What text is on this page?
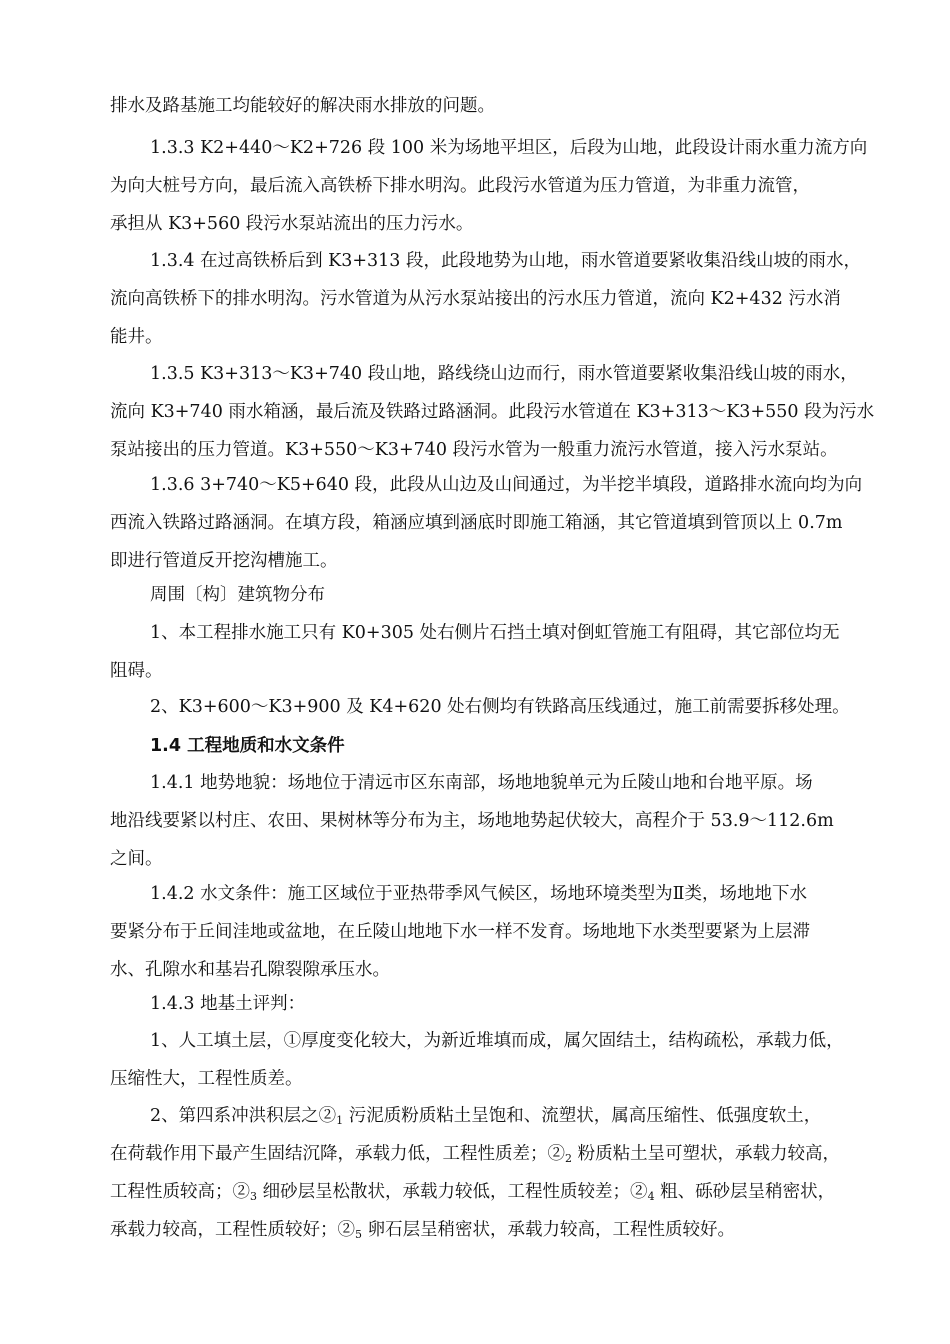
排水及路基施工均能较好的解决雨水排放的问题。

1.3.3 K2+440～K2+726 段 100 米为场地平坦区，后段为山地，此段设计雨水重力流方向
为向大桩号方向，最后流入高铁桥下排水明沟。此段污水管道为压力管道，为非重力流管，
承担从 K3+560 段污水泵站流出的压力污水。

1.3.4 在过高铁桥后到 K3+313 段，此段地势为山地，雨水管道要紧收集沿线山坡的雨水，
流向高铁桥下的排水明沟。污水管道为从污水泵站接出的污水压力管道，流向 K2+432 污水消
能井。

1.3.5 K3+313～K3+740 段山地，路线绕山边而行，雨水管道要紧收集沿线山坡的雨水，
流向 K3+740 雨水箱涵，最后流及铁路过路涵洞。此段污水管道在 K3+313～K3+550 段为污水
泵站接出的压力管道。K3+550～K3+740 段污水管为一般重力流污水管道，接入污水泵站。

1.3.6 3+740～K5+640 段，此段从山边及山间通过，为半挖半填段，道路排水流向均为向
西流入铁路过路涵洞。在填方段，箱涵应填到涵底时即施工箱涵，其它管道填到管顶以上 0.7m
即进行管道反开挖沟槽施工。

周围〔构〕建筑物分布

1、本工程排水施工只有 K0+305 处右侧片石挡土填对倒虹管施工有阻碍，其它部位均无
阻碍。

2、K3+600～K3+900 及 K4+620 处右侧均有铁路高压线通过，施工前需要拆移处理。

1.4 工程地质和水文条件

1.4.1 地势地貌：场地位于清远市区东南部，场地地貌单元为丘陵山地和台地平原。场
地沿线要紧以村庄、农田、果树林等分布为主，场地地势起伏较大，高程介于 53.9～112.6m
之间。

1.4.2 水文条件：施工区域位于亚热带季风气候区，场地环境类型为Ⅱ类，场地地下水
要紧分布于丘间洼地或盆地，在丘陵山地地下水一样不发育。场地地下水类型要紧为上层滞
水、孔隙水和基岩孔隙裂隙承压水。

1.4.3 地基土评判：

1、人工填土层，①厚度变化较大，为新近堆填而成，属欠固结土，结构疏松，承载力低，
压缩性大，工程性质差。

2、第四系冲洪积层之$②_1$ 污泥质粉质粘土呈饱和、流塑状，属高压缩性、低强度软土，
在荷载作用下最产生固结沉降，承载力低，工程性质差；$②_2$ 粉质粘土呈可塑状，承载力较高，
工程性质较高；$②_3$ 细砂层呈松散状，承载力较低，工程性质较差；$②_4$ 粗、砾砂层呈稍密状，
承载力较高，工程性质较好；$②_5$ 卵石层呈稍密状，承载力较高，工程性质较好。
